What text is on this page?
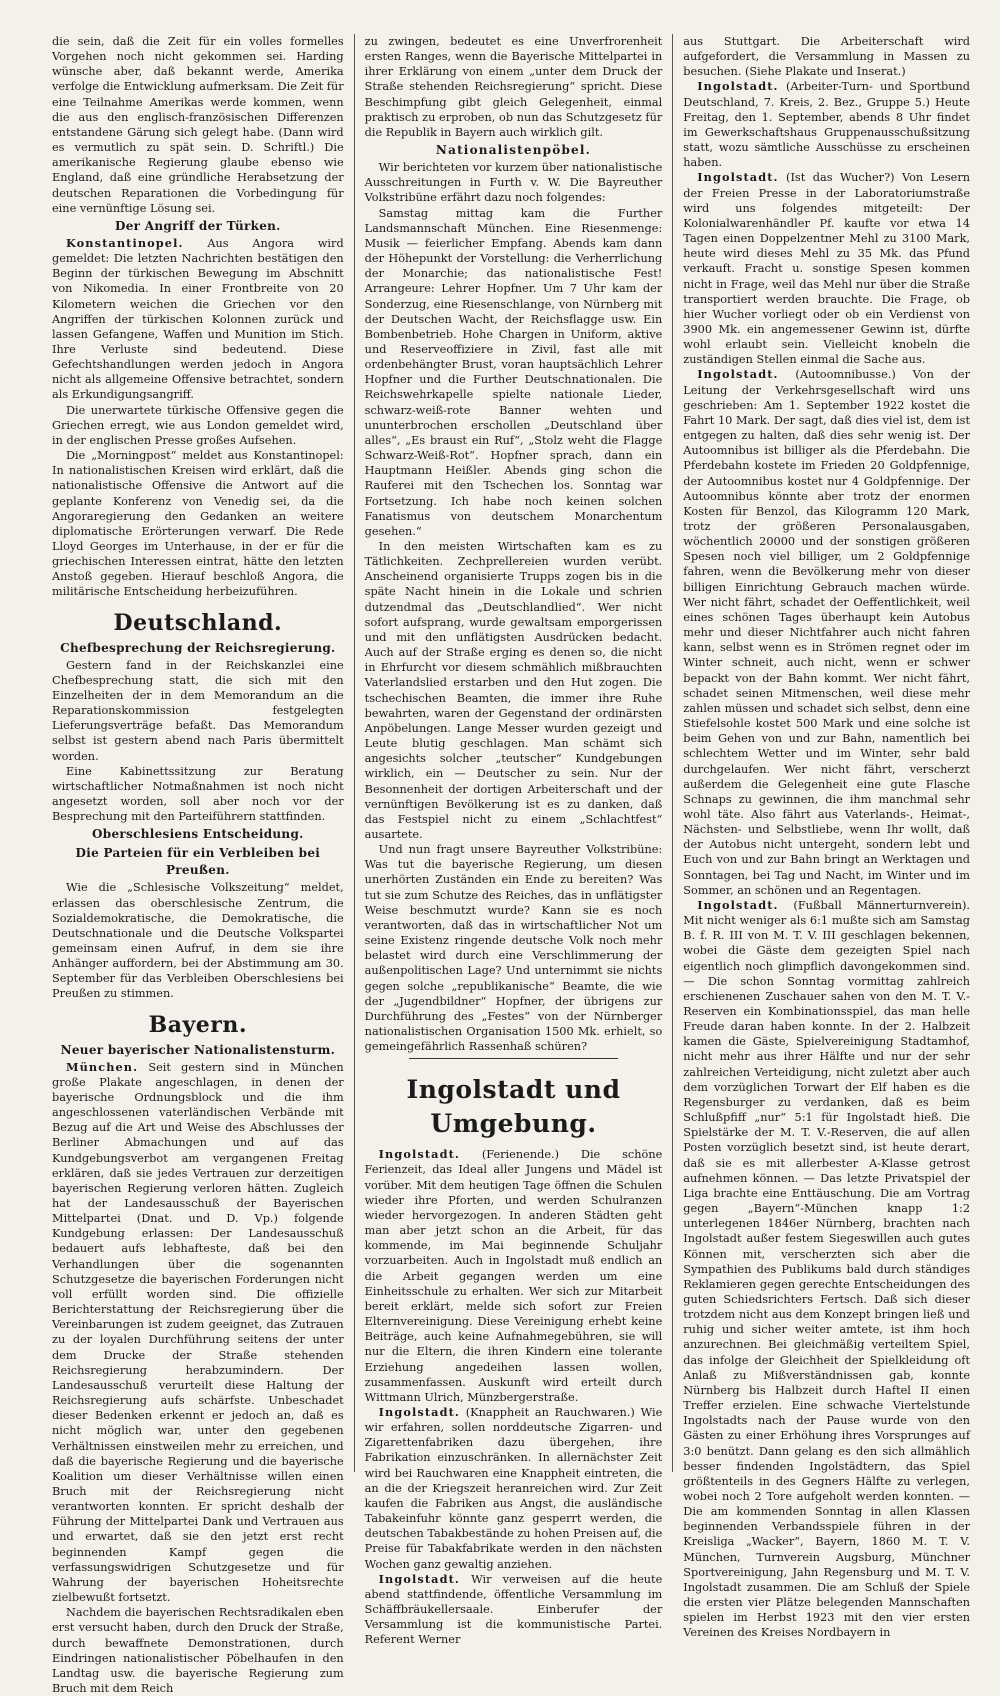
die sein, daß die Zeit für ein volles formelles Vorgehen noch nicht gekommen sei. Harding wünsche aber, daß bekannt werde, Amerika verfolge die Entwicklung aufmerksam. Die Zeit für eine Teilnahme Amerikas werde kommen, wenn die aus den englisch-französischen Differenzen entstandene Gärung sich gelegt habe. (Dann wird es vermutlich zu spät sein. D. Schriftl.) Die amerikanische Regierung glaube ebenso wie England, daß eine gründliche Herabsetzung der deutschen Reparationen die Vorbedingung für eine vernünftige Lösung sei.

Der Angriff der Türken.

Konstantinopel. Aus Angora wird gemeldet: Die letzten Nachrichten bestätigen den Beginn der türkischen Bewegung im Abschnitt von Nikomedia. In einer Frontbreite von 20 Kilometern weichen die Griechen vor den Angriffen der türkischen Kolonnen zurück und lassen Gefangene, Waffen und Munition im Stich. Ihre Verluste sind bedeutend. Diese Gefechtshandlungen werden jedoch in Angora nicht als allgemeine Offensive betrachtet, sondern als Erkundigungsangriff.

Die unerwartete türkische Offensive gegen die Griechen erregt, wie aus London gemeldet wird, in der englischen Presse großes Aufsehen.

Die „Morningpost“ meldet aus Konstantinopel: In nationalistischen Kreisen wird erklärt, daß die nationalistische Offensive die Antwort auf die geplante Konferenz von Venedig sei, da die Angoraregierung den Gedanken an weitere diplomatische Erörterungen verwarf. Die Rede Lloyd Georges im Unterhause, in der er für die griechischen Interessen eintrat, hätte den letzten Anstoß gegeben. Hierauf beschloß Angora, die militärische Entscheidung herbeizuführen.

Deutschland.
Chefbesprechung der Reichsregierung.

Gestern fand in der Reichskanzlei eine Chefbesprechung statt, die sich mit den Einzelheiten der in dem Memorandum an die Reparationskommission festgelegten Lieferungsverträge befaßt. Das Memorandum selbst ist gestern abend nach Paris übermittelt worden.

Eine Kabinettssitzung zur Beratung wirtschaftlicher Notmaßnahmen ist noch nicht angesetzt worden, soll aber noch vor der Besprechung mit den Parteiführern stattfinden.

Oberschlesiens Entscheidung.
Die Parteien für ein Verbleiben bei Preußen.

Wie die „Schlesische Volkszeitung“ meldet, erlassen das oberschlesische Zentrum, die Sozialdemokratische, die Demokratische, die Deutschnationale und die Deutsche Volkspartei gemeinsam einen Aufruf, in dem sie ihre Anhänger auffordern, bei der Abstimmung am 30. September für das Verbleiben Oberschlesiens bei Preußen zu stimmen.

Bayern.
Neuer bayerischer Nationalistensturm.

München. Seit gestern sind in München große Plakate angeschlagen, in denen der bayerische Ordnungsblock und die ihm angeschlossenen vaterländischen Verbände mit Bezug auf die Art und Weise des Abschlusses der Berliner Abmachungen und auf das Kundgebungsverbot am vergangenen Freitag erklären, daß sie jedes Vertrauen zur derzeitigen bayerischen Regierung verloren hätten. Zugleich hat der Landesausschuß der Bayerischen Mittelpartei (Dnat. und D. Vp.) folgende Kundgebung erlassen: Der Landesausschuß bedauert aufs lebhafteste, daß bei den Verhandlungen über die sogenannten Schutzgesetze die bayerischen Forderungen nicht voll erfüllt worden sind. Die offizielle Berichterstattung der Reichsregierung über die Vereinbarungen ist zudem geeignet, das Zutrauen zu der loyalen Durchführung seitens der unter dem Drucke der Straße stehenden Reichsregierung herabzumindern. Der Landesausschuß verurteilt diese Haltung der Reichsregierung aufs schärfste. Unbeschadet dieser Bedenken erkennt er jedoch an, daß es nicht möglich war, unter den gegebenen Verhältnissen einstweilen mehr zu erreichen, und daß die bayerische Regierung und die bayerische Koalition um dieser Verhältnisse willen einen Bruch mit der Reichsregierung nicht verantworten konnten. Er spricht deshalb der Führung der Mittelpartei Dank und Vertrauen aus und erwartet, daß sie den jetzt erst recht beginnenden Kampf gegen die verfassungswidrigen Schutzgesetze und für Wahrung der bayerischen Hoheitsrechte zielbewußt fortsetzt.

Nachdem die bayerischen Rechtsradikalen eben erst versucht haben, durch den Druck der Straße, durch bewaffnete Demonstrationen, durch Eindringen nationalistischer Pöbelhaufen in den Landtag usw. die bayerische Regierung zum Bruch mit dem Reich

zu zwingen, bedeutet es eine Unverfrorenheit ersten Ranges, wenn die Bayerische Mittelpartei in ihrer Erklärung von einem „unter dem Druck der Straße stehenden Reichsregierung“ spricht. Diese Beschimpfung gibt gleich Gelegenheit, einmal praktisch zu erproben, ob nun das Schutzgesetz für die Republik in Bayern auch wirklich gilt.

Nationalistenpöbel.

Wir berichteten vor kurzem über nationalistische Ausschreitungen in Furth v. W. Die Bayreuther Volkstribüne erfährt dazu noch folgendes:

Samstag mittag kam die Further Landsmannschaft München. Eine Riesenmenge: Musik — feierlicher Empfang. Abends kam dann der Höhepunkt der Vorstellung: die Verherrlichung der Monarchie; das nationalistische Fest! Arrangeure: Lehrer Hopfner. Um 7 Uhr kam der Sonderzug, eine Riesenschlange, von Nürnberg mit der Deutschen Wacht, der Reichsflagge usw. Ein Bombenbetrieb. Hohe Chargen in Uniform, aktive und Reserveoffiziere in Zivil, fast alle mit ordenbehängter Brust, voran hauptsächlich Lehrer Hopfner und die Further Deutschnationalen. Die Reichswehrkapelle spielte nationale Lieder, schwarz-weiß-rote Banner wehten und ununterbrochen erschollen „Deutschland über alles“, „Es braust ein Ruf“, „Stolz weht die Flagge Schwarz-Weiß-Rot“. Hopfner sprach, dann ein Hauptmann Heißler. Abends ging schon die Rauferei mit den Tschechen los. Sonntag war Fortsetzung. Ich habe noch keinen solchen Fanatismus von deutschem Monarchentum gesehen.“

In den meisten Wirtschaften kam es zu Tätlichkeiten. Zechprellereien wurden verübt. Anscheinend organisierte Trupps zogen bis in die späte Nacht hinein in die Lokale und schrien dutzendmal das „Deutschlandlied“. Wer nicht sofort aufsprang, wurde gewaltsam emporgerissen und mit den unflätigsten Ausdrücken bedacht. Auch auf der Straße erging es denen so, die nicht in Ehrfurcht vor diesem schmählich mißbrauchten Vaterlandslied erstarben und den Hut zogen. Die tschechischen Beamten, die immer ihre Ruhe bewahrten, waren der Gegenstand der ordinärsten Anpöbelungen. Lange Messer wurden gezeigt und Leute blutig geschlagen. Man schämt sich angesichts solcher „teutscher“ Kundgebungen wirklich, ein — Deutscher zu sein. Nur der Besonnenheit der dortigen Arbeiterschaft und der vernünftigen Bevölkerung ist es zu danken, daß das Festspiel nicht zu einem „Schlachtfest“ ausartete.

Und nun fragt unsere Bayreuther Volkstribüne: Was tut die bayerische Regierung, um diesen unerhörten Zuständen ein Ende zu bereiten? Was tut sie zum Schutze des Reiches, das in unflätigster Weise beschmutzt wurde? Kann sie es noch verantworten, daß das in wirtschaftlicher Not um seine Existenz ringende deutsche Volk noch mehr belastet wird durch eine Verschlimmerung der außenpolitischen Lage? Und unternimmt sie nichts gegen solche „republikanische“ Beamte, die wie der „Jugendbildner“ Hopfner, der übrigens zur Durchführung des „Festes“ von der Nürnberger nationalistischen Organisation 1500 Mk. erhielt, so gemeingefährlich Rassenhaß schüren?

Ingolstadt und Umgebung.

Ingolstadt. (Ferienende.) Die schöne Ferienzeit, das Ideal aller Jungens und Mädel ist vorüber. Mit dem heutigen Tage öffnen die Schulen wieder ihre Pforten, und werden Schulranzen wieder hervorgezogen. In anderen Städten geht man aber jetzt schon an die Arbeit, für das kommende, im Mai beginnende Schuljahr vorzuarbeiten. Auch in Ingolstadt muß endlich an die Arbeit gegangen werden um eine Einheitsschule zu erhalten. Wer sich zur Mitarbeit bereit erklärt, melde sich sofort zur Freien Elternvereinigung. Diese Vereinigung erhebt keine Beiträge, auch keine Aufnahmegebühren, sie will nur die Eltern, die ihren Kindern eine tolerante Erziehung angedeihen lassen wollen, zusammenfassen. Auskunft wird erteilt durch Wittmann Ulrich, Münzbergerstraße.

Ingolstadt. (Knappheit an Rauchwaren.) Wie wir erfahren, sollen norddeutsche Zigarren- und Zigarettenfabriken dazu übergehen, ihre Fabrikation einzuschränken. In allernächster Zeit wird bei Rauchwaren eine Knappheit eintreten, die an die der Kriegszeit heranreichen wird. Zur Zeit kaufen die Fabriken aus Angst, die ausländische Tabakeinfuhr könnte ganz gesperrt werden, die deutschen Tabakbestände zu hohen Preisen auf, die Preise für Tabakfabrikate werden in den nächsten Wochen ganz gewaltig anziehen.

Ingolstadt. Wir verweisen auf die heute abend stattfindende, öffentliche Versammlung im Schäffbräukellersaale. Einberufer der Versammlung ist die kommunistische Partei. Referent Werner

aus Stuttgart. Die Arbeiterschaft wird aufgefordert, die Versammlung in Massen zu besuchen. (Siehe Plakate und Inserat.)

Ingolstadt. (Arbeiter-Turn- und Sportbund Deutschland, 7. Kreis, 2. Bez., Gruppe 5.) Heute Freitag, den 1. September, abends 8 Uhr findet im Gewerkschaftshaus Gruppenausschußsitzung statt, wozu sämtliche Ausschüsse zu erscheinen haben.

Ingolstadt. (Ist das Wucher?) Von Lesern der Freien Presse in der Laboratoriumstraße wird uns folgendes mitgeteilt: Der Kolonialwarenhändler Pf. kaufte vor etwa 14 Tagen einen Doppelzentner Mehl zu 3100 Mark, heute wird dieses Mehl zu 35 Mk. das Pfund verkauft. Fracht u. sonstige Spesen kommen nicht in Frage, weil das Mehl nur über die Straße transportiert werden brauchte. Die Frage, ob hier Wucher vorliegt oder ob ein Verdienst von 3900 Mk. ein angemessener Gewinn ist, dürfte wohl erlaubt sein. Vielleicht knobeln die zuständigen Stellen einmal die Sache aus.

Ingolstadt. (Autoomnibusse.) Von der Leitung der Verkehrsgesellschaft wird uns geschrieben: Am 1. September 1922 kostet die Fahrt 10 Mark. Der sagt, daß dies viel ist, dem ist entgegen zu halten, daß dies sehr wenig ist. Der Autoomnibus ist billiger als die Pferdebahn. Die Pferdebahn kostete im Frieden 20 Goldpfennige, der Autoomnibus kostet nur 4 Goldpfennige. Der Autoomnibus könnte aber trotz der enormen Kosten für Benzol, das Kilogramm 120 Mark, trotz der größeren Personalausgaben, wöchentlich 20000 und der sonstigen größeren Spesen noch viel billiger, um 2 Goldpfennige fahren, wenn die Bevölkerung mehr von dieser billigen Einrichtung Gebrauch machen würde. Wer nicht fährt, schadet der Oeffentlichkeit, weil eines schönen Tages überhaupt kein Autobus mehr und dieser Nichtfahrer auch nicht fahren kann, selbst wenn es in Strömen regnet oder im Winter schneit, auch nicht, wenn er schwer bepackt von der Bahn kommt. Wer nicht fährt, schadet seinen Mitmenschen, weil diese mehr zahlen müssen und schadet sich selbst, denn eine Stiefelsohle kostet 500 Mark und eine solche ist beim Gehen von und zur Bahn, namentlich bei schlechtem Wetter und im Winter, sehr bald durchgelaufen. Wer nicht fährt, verscherzt außerdem die Gelegenheit eine gute Flasche Schnaps zu gewinnen, die ihm manchmal sehr wohl täte. Also fährt aus Vaterlands-, Heimat-, Nächsten- und Selbstliebe, wenn Ihr wollt, daß der Autobus nicht untergeht, sondern lebt und Euch von und zur Bahn bringt an Werktagen und Sonntagen, bei Tag und Nacht, im Winter und im Sommer, an schönen und an Regentagen.

Ingolstadt. (Fußball Männerturnverein). Mit nicht weniger als 6:1 mußte sich am Samstag B. f. R. III von M. T. V. III geschlagen bekennen, wobei die Gäste dem gezeigten Spiel nach eigentlich noch glimpflich davongekommen sind. — Die schon Sonntag vormittag zahlreich erschienenen Zuschauer sahen von den M. T. V.-Reserven ein Kombinationsspiel, das man helle Freude daran haben konnte. In der 2. Halbzeit kamen die Gäste, Spielvereinigung Stadtamhof, nicht mehr aus ihrer Hälfte und nur der sehr zahlreichen Verteidigung, nicht zuletzt aber auch dem vorzüglichen Torwart der Elf haben es die Regensburger zu verdanken, daß es beim Schlußpfiff „nur“ 5:1 für Ingolstadt hieß. Die Spielstärke der M. T. V.-Reserven, die auf allen Posten vorzüglich besetzt sind, ist heute derart, daß sie es mit allerbester A-Klasse getrost aufnehmen können. — Das letzte Privatspiel der Liga brachte eine Enttäuschung. Die am Vortrag gegen „Bayern“-München knapp 1:2 unterlegenen 1846er Nürnberg, brachten nach Ingolstadt außer festem Siegeswillen auch gutes Können mit, verscherzten sich aber die Sympathien des Publikums bald durch ständiges Reklamieren gegen gerechte Entscheidungen des guten Schiedsrichters Fertsch. Daß sich dieser trotzdem nicht aus dem Konzept bringen ließ und ruhig und sicher weiter amtete, ist ihm hoch anzurechnen. Bei gleichmäßig verteiltem Spiel, das infolge der Gleichheit der Spielkleidung oft Anlaß zu Mißverständnissen gab, konnte Nürnberg bis Halbzeit durch Haftel II einen Treffer erzielen. Eine schwache Viertelstunde Ingolstadts nach der Pause wurde von den Gästen zu einer Erhöhung ihres Vorsprunges auf 3:0 benützt. Dann gelang es den sich allmählich besser findenden Ingolstädtern, das Spiel größtenteils in des Gegners Hälfte zu verlegen, wobei noch 2 Tore aufgeholt werden konnten. — Die am kommenden Sonntag in allen Klassen beginnenden Verbandsspiele führen in der Kreisliga „Wacker“, Bayern, 1860 M. T. V. München, Turnverein Augsburg, Münchner Sportvereinigung, Jahn Regensburg und M. T. V. Ingolstadt zusammen. Die am Schluß der Spiele die ersten vier Plätze belegenden Mannschaften spielen im Herbst 1923 mit den vier ersten Vereinen des Kreises Nordbayern in
